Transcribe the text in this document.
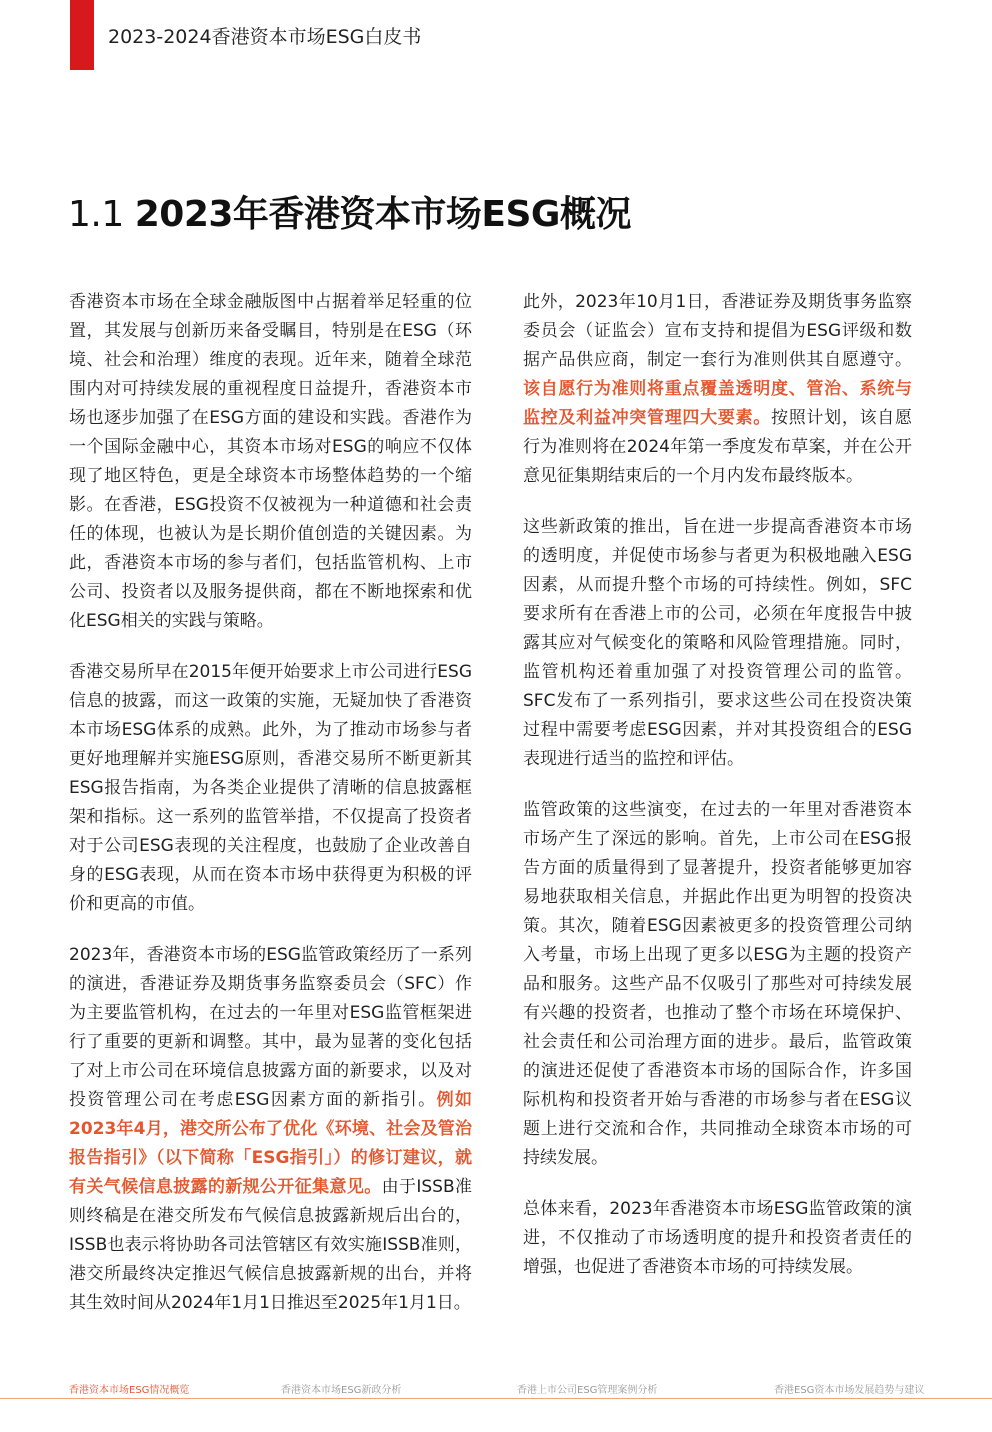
2023-2024香港资本市场ESG白皮书
1.1 2023年香港资本市场ESG概况

香港资本市场在全球金融版图中占据着举足轻重的位置，其发展与创新历来备受瞩目，特别是在ESG（环境、社会和治理）维度的表现。近年来，随着全球范围内对可持续发展的重视程度日益提升，香港资本市场也逐步加强了在ESG方面的建设和实践。香港作为一个国际金融中心，其资本市场对ESG的响应不仅体现了地区特色，更是全球资本市场整体趋势的一个缩影。在香港，ESG投资不仅被视为一种道德和社会责任的体现，也被认为是长期价值创造的关键因素。为此，香港资本市场的参与者们，包括监管机构、上市公司、投资者以及服务提供商，都在不断地探索和优化ESG相关的实践与策略。

香港交易所早在2015年便开始要求上市公司进行ESG信息的披露，而这一政策的实施，无疑加快了香港资本市场ESG体系的成熟。此外，为了推动市场参与者更好地理解并实施ESG原则，香港交易所不断更新其ESG报告指南，为各类企业提供了清晰的信息披露框架和指标。这一系列的监管举措，不仅提高了投资者对于公司ESG表现的关注程度，也鼓励了企业改善自身的ESG表现，从而在资本市场中获得更为积极的评价和更高的市值。

2023年，香港资本市场的ESG监管政策经历了一系列的演进，香港证券及期货事务监察委员会（SFC）作为主要监管机构，在过去的一年里对ESG监管框架进行了重要的更新和调整。其中，最为显著的变化包括了对上市公司在环境信息披露方面的新要求，以及对投资管理公司在考虑ESG因素方面的新指引。例如2023年4月，港交所公布了优化《环境、社会及管治报告指引》（以下简称「ESG指引」）的修订建议，就有关气候信息披露的新规公开征集意见。由于ISSB准则终稿是在港交所发布气候信息披露新规后出台的，ISSB也表示将协助各司法管辖区有效实施ISSB准则，港交所最终决定推迟气候信息披露新规的出台，并将其生效时间从2024年1月1日推迟至2025年1月1日。

此外，2023年10月1日，香港证券及期货事务监察委员会（证监会）宣布支持和提倡为ESG评级和数据产品供应商，制定一套行为准则供其自愿遵守。该自愿行为准则将重点覆盖透明度、管治、系统与监控及利益冲突管理四大要素。按照计划，该自愿行为准则将在2024年第一季度发布草案，并在公开意见征集期结束后的一个月内发布最终版本。

这些新政策的推出，旨在进一步提高香港资本市场的透明度，并促使市场参与者更为积极地融入ESG因素，从而提升整个市场的可持续性。例如，SFC要求所有在香港上市的公司，必须在年度报告中披露其应对气候变化的策略和风险管理措施。同时，监管机构还着重加强了对投资管理公司的监管。SFC发布了一系列指引，要求这些公司在投资决策过程中需要考虑ESG因素，并对其投资组合的ESG表现进行适当的监控和评估。

监管政策的这些演变，在过去的一年里对香港资本市场产生了深远的影响。首先，上市公司在ESG报告方面的质量得到了显著提升，投资者能够更加容易地获取相关信息，并据此作出更为明智的投资决策。其次，随着ESG因素被更多的投资管理公司纳入考量，市场上出现了更多以ESG为主题的投资产品和服务。这些产品不仅吸引了那些对可持续发展有兴趣的投资者，也推动了整个市场在环境保护、社会责任和公司治理方面的进步。最后，监管政策的演进还促使了香港资本市场的国际合作，许多国际机构和投资者开始与香港的市场参与者在ESG议题上进行交流和合作，共同推动全球资本市场的可持续发展。

总体来看，2023年香港资本市场ESG监管政策的演进，不仅推动了市场透明度的提升和投资者责任的增强，也促进了香港资本市场的可持续发展。

香港资本市场ESG情况概览	香港资本市场ESG新政分析	香港上市公司ESG管理案例分析	香港ESG资本市场发展趋势与建议
